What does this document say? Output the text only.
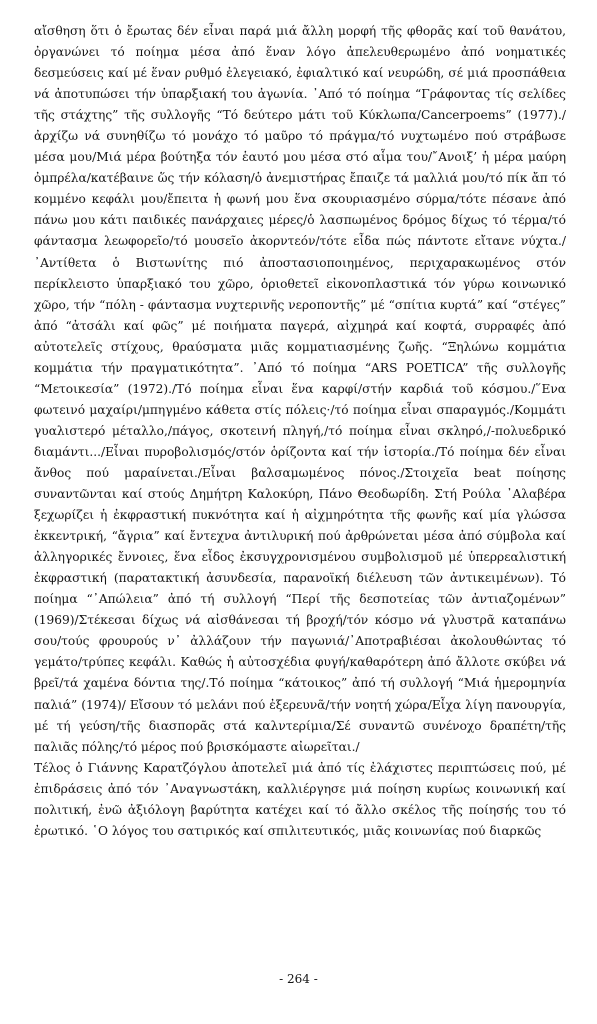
αἴσθηση ὅτι ὁ ἔρωτας δέν εἶναι παρά μιά ἄλλη μορφή τῆς φθορᾶς καί τοῦ θανάτου, ὀργανώνει τό ποίημα μέσα ἀπό ἕναν λόγο ἀπελευθερωμένο ἀπό νοηματικές δεσμεύσεις καί μέ ἕναν ρυθμό ἐλεγειακό, ἐφιαλτικό καί νευρώδη, σέ μιά προσπάθεια νά ἀποτυπώσει τήν ὑπαρξιακή του ἀγωνία. ᾽Από τό ποίημα “Γράφοντας τίς σελίδες τῆς στάχτης” τῆς συλλογῆς “Τό δεύτερο μάτι τοῦ Κύκλωπα/Cancerpoems” (1977)./ἀρχίζω νά συνηθίζω τό μονάχο τό μαῦρο τό πράγμα/τό νυχτωμένο πού στράβωσε μέσα μου/Μιά μέρα βούτηξα τόν ἑαυτό μου μέσα στό αἷμα του/῎Ανοιξ’ ἡ μέρα μαύρη ὀμπρέλα/κατέβαινε ὥς τήν κόλαση/ὁ ἀνεμιστήρας ἔπαιζε τά μαλλιά μου/τό πίκ ἄπ τό κομμένο κεφάλι μου/ἔπειτα ἡ φωνή μου ἕνα σκουριασμένο σύρμα/τότε πέσανε ἀπό πάνω μου κάτι παιδικές πανάρχαιες μέρες/ὁ λασπωμένος δρόμος δίχως τό τέρμα/τό φάντασμα λεωφορεῖο/τό μουσεῖο ἀκορντεόν/τότε εἶδα πώς πάντοτε εἴτανε νύχτα./᾽Αντίθετα ὁ Βιστωνίτης πιό ἀποστασιοποιημένος, περιχαρακωμένος στόν περίκλειστο ὑπαρξιακό του χῶρο, ὁριοθετεῖ εἰκονοπλαστικά τόν γύρω κοινωνικό χῶρο, τήν “πόλη - φάντασμα νυχτερινῆς νεροποντῆς” μέ “σπίτια κυρτά” καί “στέγες” ἀπό “ἀτσάλι καί φῶς” μέ ποιήματα παγερά, αἰχμηρά καί κοφτά, συρραφές ἀπό αὐτοτελεῖς στίχους, θραύσματα μιᾶς κομματιασμένης ζωῆς. “Ξηλώνω κομμάτια κομμάτια τήν πραγματικότητα”. ᾽Από τό ποίημα “ARS POETICA” τῆς συλλογῆς “Μετοικεσία” (1972)./Τό ποίημα εἶναι ἕνα καρφί/στήν καρδιά τοῦ κόσμου./῞Ενα φωτεινό μαχαίρι/μπηγμένο κάθετα στίς πόλεις·/τό ποίημα εἶναι σπαραγμός./Κομμάτι γυαλιστερό μέταλλο,/πάγος, σκοτεινή πληγή,/τό ποίημα εἶναι σκληρό,/-πολυεδρικό διαμάντι.../Εἶναι πυροβολισμός/στόν ὁρίζοντα καί τήν ἱστορία./Τό ποίημα δέν εἶναι ἄνθος πού μαραίνεται./Εἶναι βαλσαμωμένος πόνος./Στοιχεῖα beat ποίησης συναντῶνται καί στούς Δημήτρη Καλοκύρη, Πάνο Θεοδωρίδη. Στή Ρούλα ᾽Αλαβέρα ξεχωρίζει ἡ ἐκφραστική πυκνότητα καί ἡ αἰχμηρότητα τῆς φωνῆς καί μία γλώσσα ἐκκεντρική, “ἄγρια” καί ἔντεχνα ἀντιλυρική πού ἀρθρώνεται μέσα ἀπό σύμβολα καί ἀλληγορικές ἔννοιες, ἕνα εἶδος ἐκσυγχρονισμένου συμβολισμοῦ μέ ὑπερρεαλιστική ἐκφραστική (παρατακτική ἀσυνδεσία, παρανοϊκή διέλευση τῶν ἀντικειμένων). Τό ποίημα “᾽Απώλεια” ἀπό τή συλλογή “Περί τῆς δεσποτείας τῶν ἀντιαζομένων” (1969)/Στέκεσαι δίχως νά αἰσθάνεσαι τή βροχή/τόν κόσμο νά γλυστρᾶ καταπάνω σου/τούς φρουρούς ν᾽ ἀλλάζουν τήν παγωνιά/᾽Αποτραβιέσαι ἀκολουθώντας τό γεμάτο/τρύπες κεφάλι. Καθώς ἡ αὐτοσχέδια φυγή/καθαρότερη ἀπό ἄλλοτε σκύβει νά βρεῖ/τά χαμένα δόντια της/.Τό ποίημα “κάτοικος” ἀπό τή συλλογή “Μιά ἡμερομηνία παλιά” (1974)/ Εἴσουν τό μελάνι πού ἐξερευνᾶ/τήν νοητή χώρα/Εἶχα λίγη πανουργία, μέ τή γεύση/τῆς διασπορᾶς στά καλντερίμια/Σέ συναντῶ συνένοχο δραπέτη/τῆς παλιᾶς πόλης/τό μέρος πού βρισκόμαστε αἰωρεῖται./

Τέλος ὁ Γιάννης Καρατζόγλου ἀποτελεῖ μιά ἀπό τίς ἐλάχιστες περιπτώσεις πού, μέ ἐπιδράσεις ἀπό τόν ᾽Αναγνωστάκη, καλλιέργησε μιά ποίηση κυρίως κοινωνική καί πολιτική, ἐνῶ ἀξιόλογη βαρύτητα κατέχει καί τό ἄλλο σκέλος τῆς ποίησής του τό ἐρωτικό. ῾Ο λόγος του σατιρικός καί σπιλιτευτικός, μιᾶς κοινωνίας πού διαρκῶς

- 264 -
